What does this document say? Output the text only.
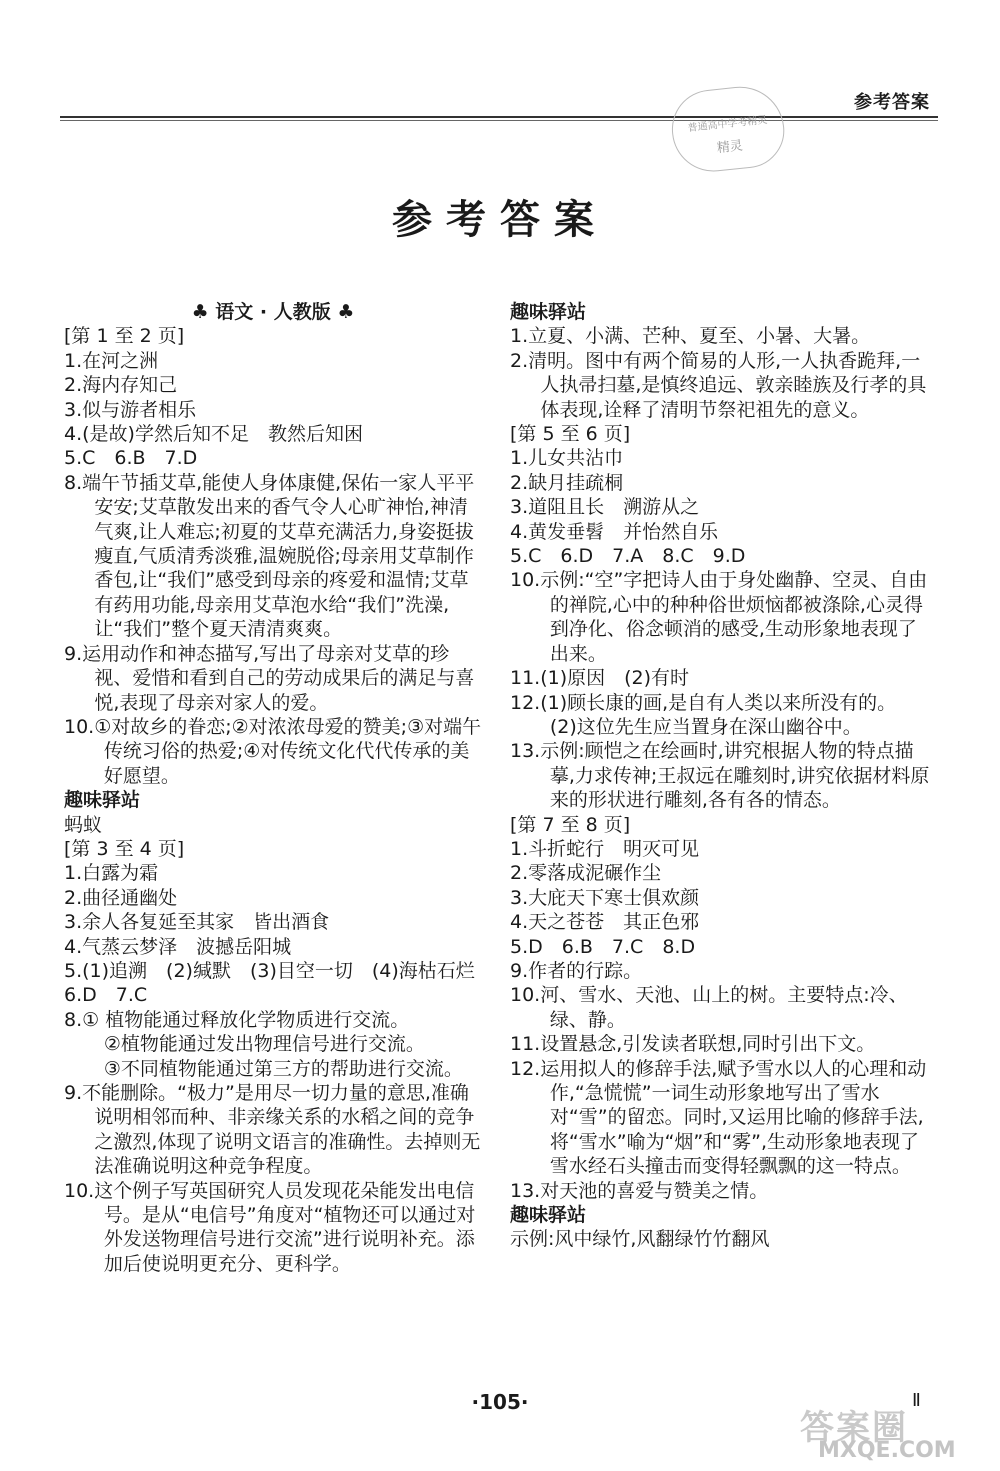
参考答案
普通高中学考精灵
精灵
参考答案

♣ 语文 · 人教版 ♣

[第 1 至 2 页]

1.在河之洲

2.海内存知己

3.似与游者相乐

4.(是故)学然后知不足　教然后知困

5.C　6.B　7.D

8.端午节插艾草,能使人身体康健,保佑一家人平平安安;艾草散发出来的香气令人心旷神怡,神清气爽,让人难忘;初夏的艾草充满活力,身姿挺拔瘦直,气质清秀淡雅,温婉脱俗;母亲用艾草制作香包,让“我们”感受到母亲的疼爱和温情;艾草有药用功能,母亲用艾草泡水给“我们”洗澡,让“我们”整个夏天清清爽爽。

9.运用动作和神态描写,写出了母亲对艾草的珍视、爱惜和看到自己的劳动成果后的满足与喜悦,表现了母亲对家人的爱。

10.①对故乡的眷恋;②对浓浓母爱的赞美;③对端午传统习俗的热爱;④对传统文化代代传承的美好愿望。

趣味驿站

蚂蚁

[第 3 至 4 页]

1.白露为霜

2.曲径通幽处

3.余人各复延至其家　皆出酒食

4.气蒸云梦泽　波撼岳阳城

5.(1)追溯　(2)缄默　(3)目空一切　(4)海枯石烂

6.D　7.C

8.① 植物能通过释放化学物质进行交流。

②植物能通过发出物理信号进行交流。

③不同植物能通过第三方的帮助进行交流。

9.不能删除。“极力”是用尽一切力量的意思,准确说明相邻而种、非亲缘关系的水稻之间的竞争之激烈,体现了说明文语言的准确性。去掉则无法准确说明这种竞争程度。

10.这个例子写英国研究人员发现花朵能发出电信号。是从“电信号”角度对“植物还可以通过对外发送物理信号进行交流”进行说明补充。添加后使说明更充分、更科学。

趣味驿站

1.立夏、小满、芒种、夏至、小暑、大暑。

2.清明。图中有两个简易的人形,一人执香跪拜,一人执帚扫墓,是慎终追远、敦亲睦族及行孝的具体表现,诠释了清明节祭祀祖先的意义。

[第 5 至 6 页]

1.儿女共沾巾

2.缺月挂疏桐

3.道阻且长　溯游从之

4.黄发垂髫　并怡然自乐

5.C　6.D　7.A　8.C　9.D

10.示例:“空”字把诗人由于身处幽静、空灵、自由的禅院,心中的种种俗世烦恼都被涤除,心灵得到净化、俗念顿消的感受,生动形象地表现了出来。

11.(1)原因　(2)有时

12.(1)顾长康的画,是自有人类以来所没有的。

(2)这位先生应当置身在深山幽谷中。

13.示例:顾恺之在绘画时,讲究根据人物的特点描摹,力求传神;王叔远在雕刻时,讲究依据材料原来的形状进行雕刻,各有各的情态。

[第 7 至 8 页]

1.斗折蛇行　明灭可见

2.零落成泥碾作尘

3.大庇天下寒士俱欢颜

4.天之苍苍　其正色邪

5.D　6.B　7.C　8.D

9.作者的行踪。

10.河、雪水、天池、山上的树。主要特点:冷、绿、静。

11.设置悬念,引发读者联想,同时引出下文。

12.运用拟人的修辞手法,赋予雪水以人的心理和动作,“急慌慌”一词生动形象地写出了雪水对“雪”的留恋。同时,又运用比喻的修辞手法,将“雪水”喻为“烟”和“雾”,生动形象地表现了雪水经石头撞击而变得轻飘飘的这一特点。

13.对天池的喜爱与赞美之情。

趣味驿站

示例:风中绿竹,风翻绿竹竹翻风

·105·	Ⅱ
答案圈
MXQE.COM
